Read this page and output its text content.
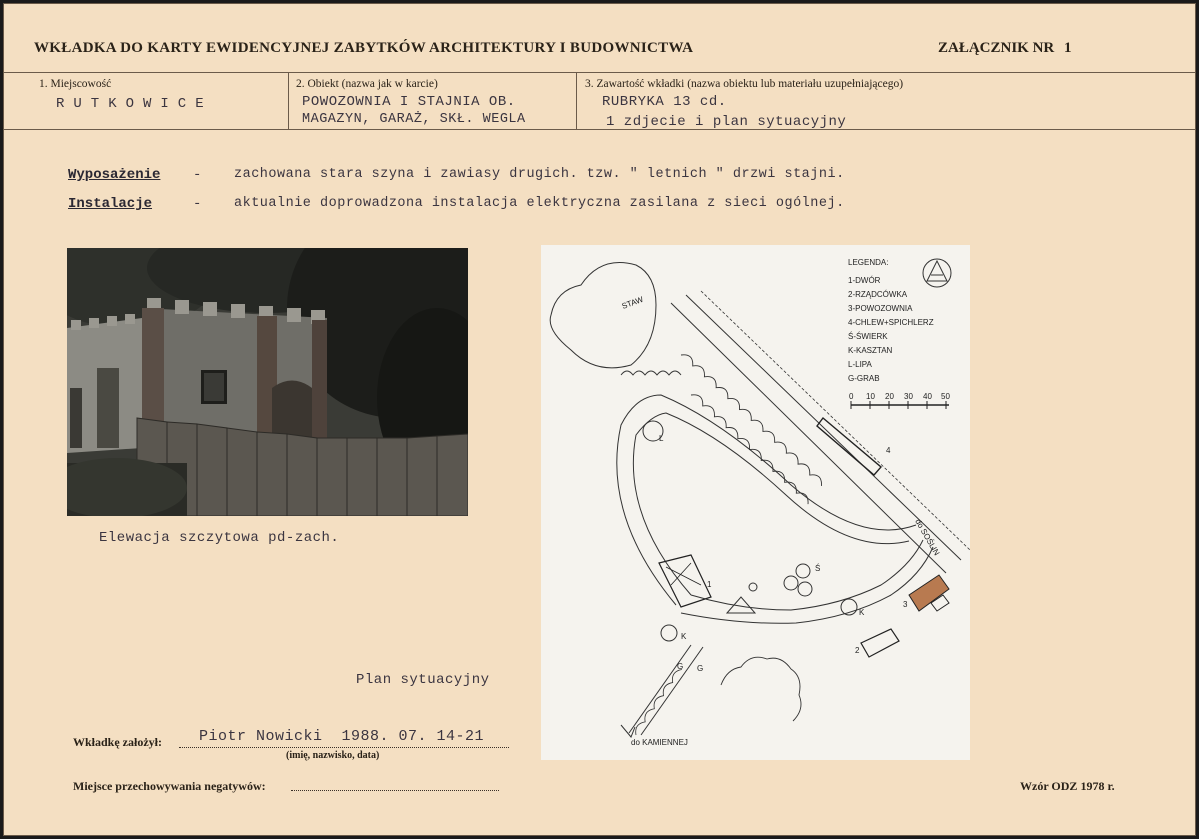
WKŁADKA DO KARTY EWIDENCYJNEJ ZABYTKÓW ARCHITEKTURY I BUDOWNICTWA	ZAŁĄCZNIK NR 1
1. Miejscowość
RUTKOWICE
2. Obiekt (nazwa jak w karcie)
POWOZOWNIA I STAJNIA OB.
MAGAZYN, GARAŻ, SKŁ. WEGLA
3. Zawartość wkładki (nazwa obiektu lub materiału uzupełniającego)
RUBRYKA 13 cd.
1 zdjecie i plan sytuacyjny
Wyposażenie - zachowana stara szyna i zawiasy drugich. tzw. " letnich " drzwi stajni.
Instalacje	- aktualnie doprowadzona instalacja elektryczna zasilana z sieci ogólnej.
Elewacja szczytowa pd-zach.
STAW
4
L
Ś
K
K
1
3
2
G G
do KAMIENNEJ
do SOŚLIN
LEGENDA:
1-DWÓR
2-RZĄDCÓWKA
3-POWOZOWNIA
4-CHLEW+SPICHLERZ
Ś-ŚWIERK
K-KASZTAN
L-LIPA
G-GRAB
0 10 20 30 40 50
Plan sytuacyjny
Wkładkę założył: Piotr Nowicki  1988. 07. 14-21
(imię, nazwisko, data)
Miejsce przechowywania negatywów:	Wzór ODZ 1978 r.
